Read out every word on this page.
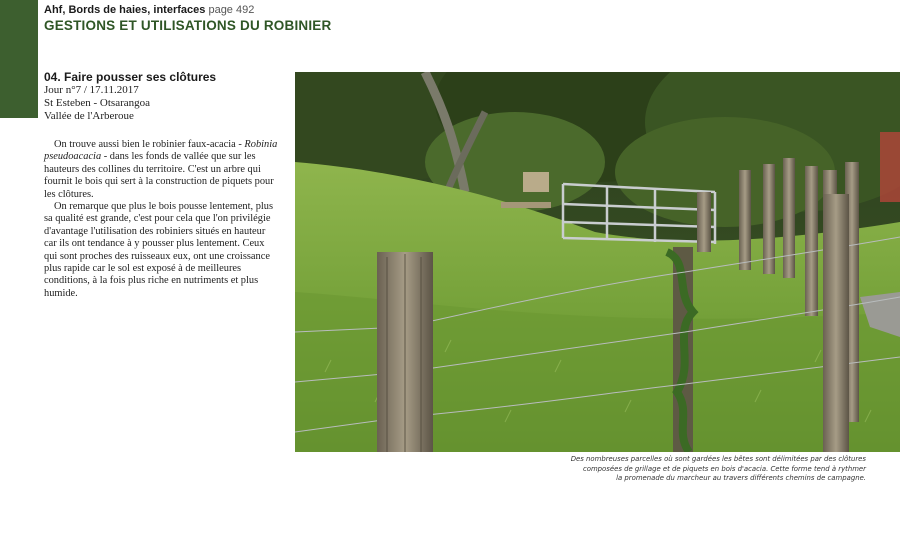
Ahf, Bords de haies, interfaces page 492
GESTIONS ET UTILISATIONS DU ROBINIER
04. Faire pousser ses clôtures
Jour n°7 / 17.11.2017
St Esteben - Otsarangoa
Vallée de l'Arberoue

On trouve aussi bien le robinier faux-acacia - Robinia pseudoacacia - dans les fonds de vallée que sur les hauteurs des collines du territoire. C'est un arbre qui fournit le bois qui sert à la construction de piquets pour les clôtures.

On remarque que plus le bois pousse lentement, plus sa qualité est grande, c'est pour cela que l'on privilégie d'avantage l'utilisation des robiniers situés en hauteur car ils ont tendance à y pousser plus lentement. Ceux qui sont proches des ruisseaux eux, ont une croissance plus rapide car le sol est exposé à de meilleures conditions, à la fois plus riche en nutriments et plus humide.

Des nombreuses parcelles où sont gardées les bêtes sont délimitées par des clôtures
composées de grillage et de piquets en bois d'acacia. Cette forme tend à rythmer
la promenade du marcheur au travers différents chemins de campagne.
